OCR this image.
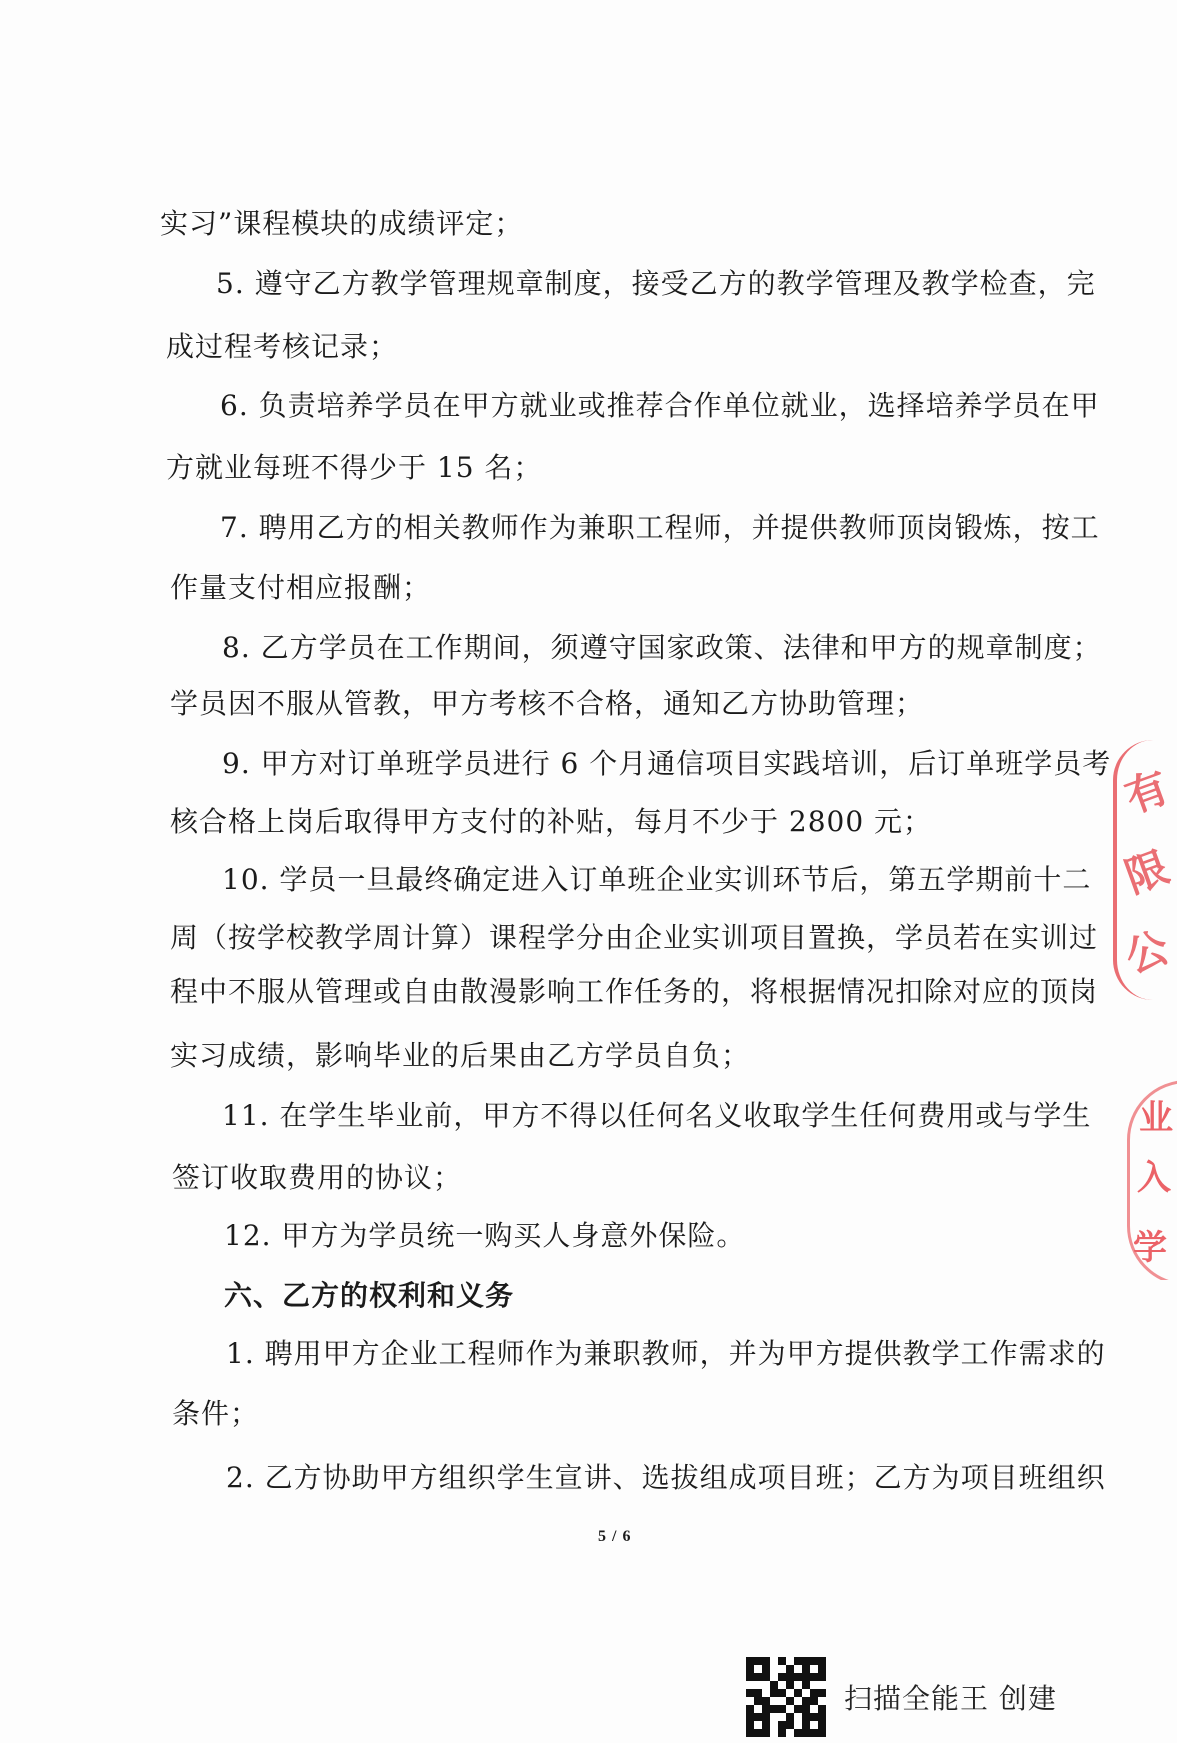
实习”课程模块的成绩评定；
5. 遵守乙方教学管理规章制度，接受乙方的教学管理及教学检查，完
成过程考核记录；
6. 负责培养学员在甲方就业或推荐合作单位就业，选择培养学员在甲
方就业每班不得少于 15 名；
7. 聘用乙方的相关教师作为兼职工程师，并提供教师顶岗锻炼，按工
作量支付相应报酬；
8. 乙方学员在工作期间，须遵守国家政策、法律和甲方的规章制度；
学员因不服从管教，甲方考核不合格，通知乙方协助管理；
9. 甲方对订单班学员进行 6 个月通信项目实践培训，后订单班学员考
核合格上岗后取得甲方支付的补贴，每月不少于 2800 元；
10. 学员一旦最终确定进入订单班企业实训环节后，第五学期前十二
周（按学校教学周计算）课程学分由企业实训项目置换，学员若在实训过
程中不服从管理或自由散漫影响工作任务的，将根据情况扣除对应的顶岗
实习成绩，影响毕业的后果由乙方学员自负；
11. 在学生毕业前，甲方不得以任何名义收取学生任何费用或与学生
签订收取费用的协议；
12. 甲方为学员统一购买人身意外保险。
六、乙方的权利和义务
1. 聘用甲方企业工程师作为兼职教师，并为甲方提供教学工作需求的
条件；
2. 乙方协助甲方组织学生宣讲、选拔组成项目班；乙方为项目班组织
5 / 6
有
限
公
业
入
学
扫描全能王 创建
